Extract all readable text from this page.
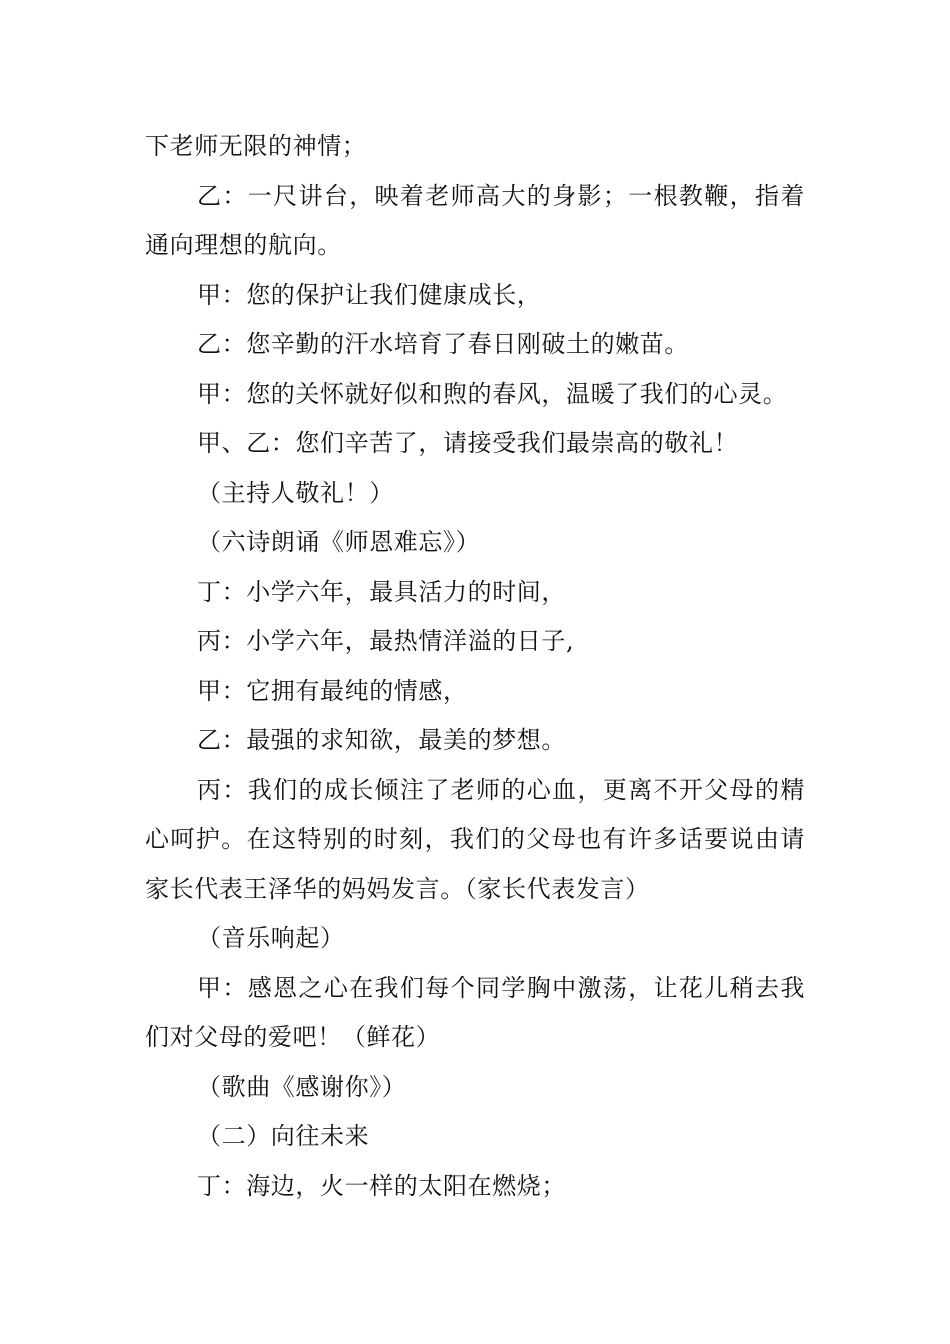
下老师无限的神情；

乙：一尺讲台，映着老师高大的身影；一根教鞭，指着通向理想的航向。

甲：您的保护让我们健康成长，

乙：您辛勤的汗水培育了春日刚破土的嫩苗。

甲：您的关怀就好似和煦的春风，温暖了我们的心灵。

甲、乙：您们辛苦了，请接受我们最崇高的敬礼！

（主持人敬礼！）

（六诗朗诵《师恩难忘》）

丁：小学六年，最具活力的时间，

丙：小学六年，最热情洋溢的日子,

甲：它拥有最纯的情感，

乙：最强的求知欲，最美的梦想。

丙：我们的成长倾注了老师的心血，更离不开父母的精心呵护。在这特别的时刻，我们的父母也有许多话要说由请家长代表王泽华的妈妈发言。（家长代表发言）

（音乐响起）

甲：感恩之心在我们每个同学胸中激荡，让花儿稍去我们对父母的爱吧！（鲜花）

（歌曲《感谢你》）

（二）向往未来

丁：海边，火一样的太阳在燃烧；
